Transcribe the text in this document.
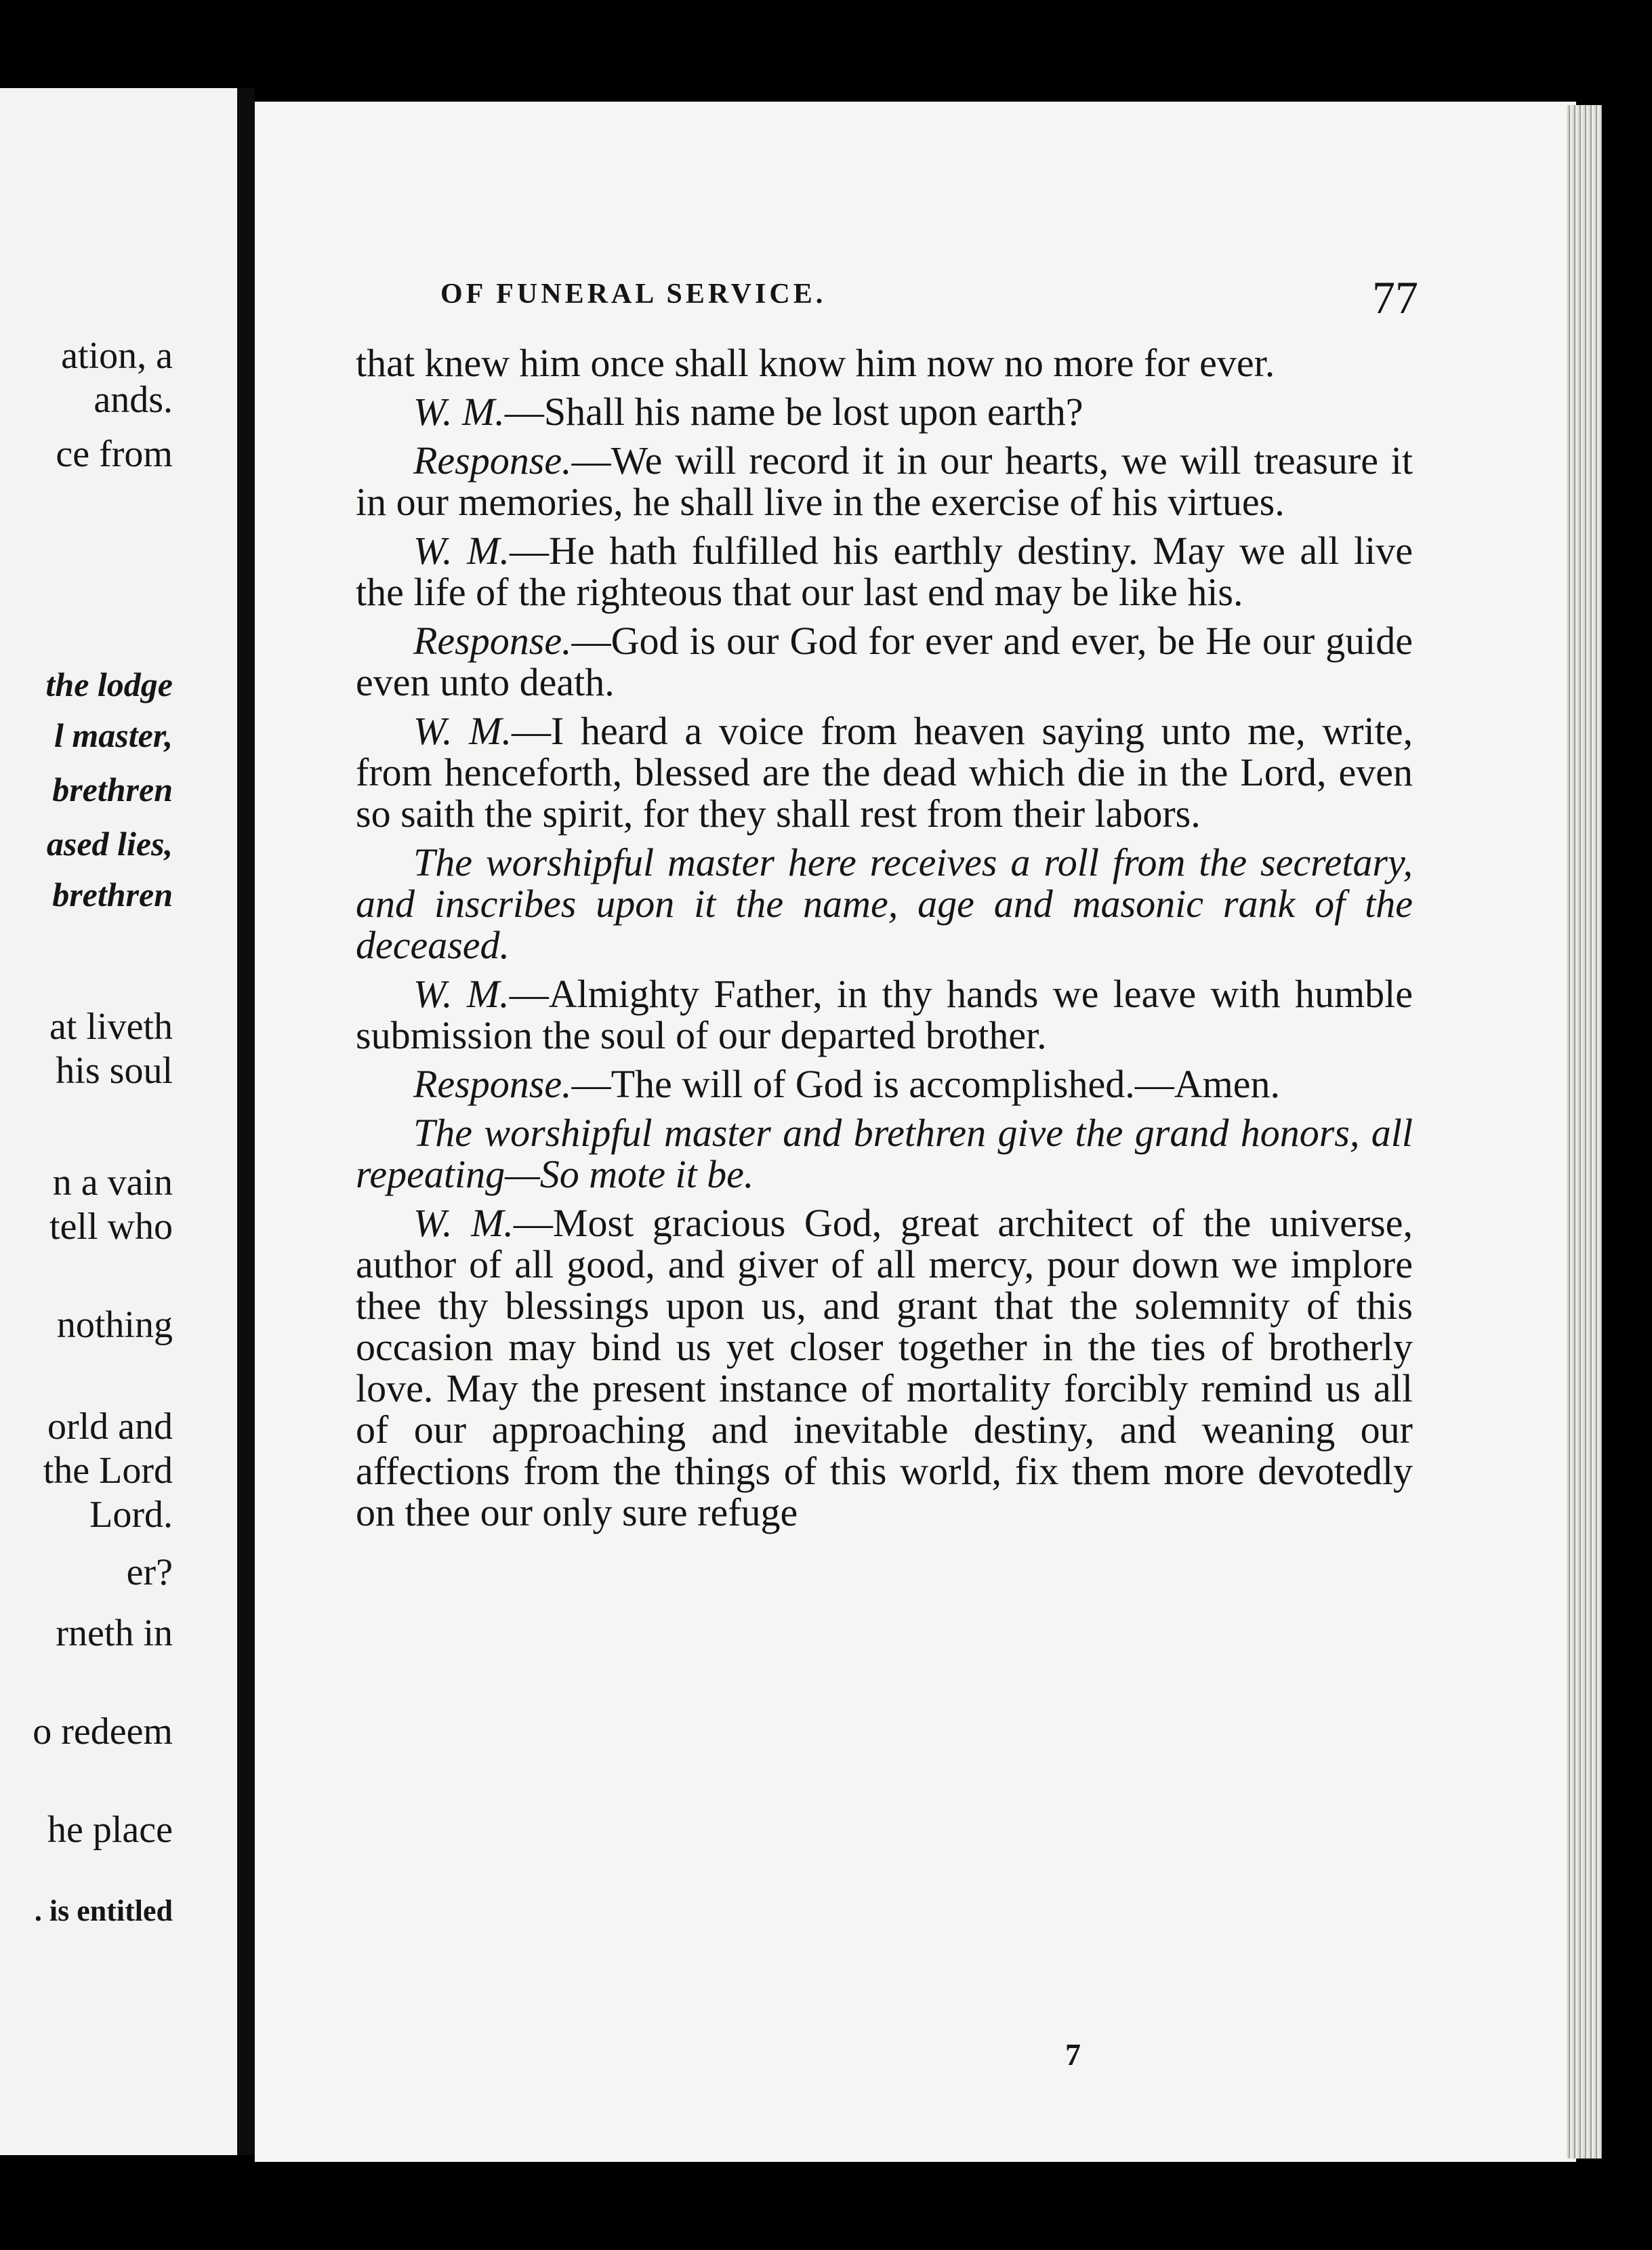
ation, a
ands.
ce from
the lodge
l master,
brethren
ased lies,
brethren
at liveth
his soul
n a vain
tell who
nothing
orld and
the Lord
Lord.
er?
rneth in
o redeem
he place
. is entitled
OF FUNERAL SERVICE.	77

that knew him once shall know him now no more for ever.

W. M.—Shall his name be lost upon earth?

Response.—We will record it in our hearts, we will treasure it in our memories, he shall live in the exercise of his virtues.

W. M.—He hath fulfilled his earthly destiny. May we all live the life of the righteous that our last end may be like his.

Response.—God is our God for ever and ever, be He our guide even unto death.

W. M.—I heard a voice from heaven saying unto me, write, from henceforth, blessed are the dead which die in the Lord, even so saith the spirit, for they shall rest from their labors.

The worshipful master here receives a roll from the secretary, and inscribes upon it the name, age and masonic rank of the deceased.

W. M.—Almighty Father, in thy hands we leave with humble submission the soul of our departed brother.

Response.—The will of God is accomplished.—Amen.

The worshipful master and brethren give the grand honors, all repeating—So mote it be.

W. M.—Most gracious God, great architect of the universe, author of all good, and giver of all mercy, pour down we implore thee thy blessings upon us, and grant that the solemnity of this occasion may bind us yet closer together in the ties of brotherly love. May the present instance of mortality forcibly remind us all of our approaching and inevitable destiny, and weaning our affections from the things of this world, fix them more devotedly on thee our only sure refuge

7
